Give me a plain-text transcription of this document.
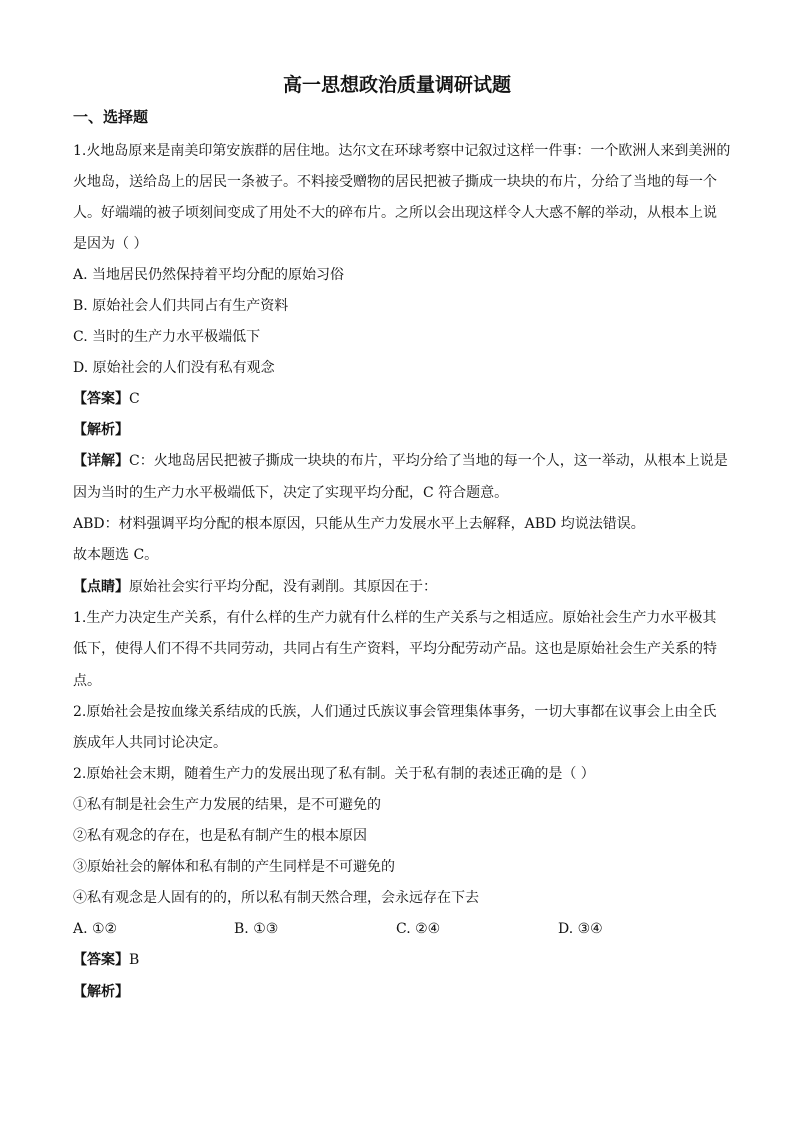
高一思想政治质量调研试题
一、选择题
1.火地岛原来是南美印第安族群的居住地。达尔文在环球考察中记叙过这样一件事：一个欧洲人来到美洲的
火地岛，送给岛上的居民一条被子。不料接受赠物的居民把被子撕成一块块的布片，分给了当地的每一个
人。好端端的被子顷刻间变成了用处不大的碎布片。之所以会出现这样令人大惑不解的举动，从根本上说
是因为（ ）
A. 当地居民仍然保持着平均分配的原始习俗
B. 原始社会人们共同占有生产资料
C. 当时的生产力水平极端低下
D. 原始社会的人们没有私有观念
【答案】C
【解析】
【详解】C：火地岛居民把被子撕成一块块的布片，平均分给了当地的每一个人，这一举动，从根本上说是
因为当时的生产力水平极端低下，决定了实现平均分配，C 符合题意。
ABD：材料强调平均分配的根本原因，只能从生产力发展水平上去解释，ABD 均说法错误。
故本题选 C。
【点睛】原始社会实行平均分配，没有剥削。其原因在于：
1.生产力决定生产关系，有什么样的生产力就有什么样的生产关系与之相适应。原始社会生产力水平极其
低下，使得人们不得不共同劳动，共同占有生产资料，平均分配劳动产品。这也是原始社会生产关系的特
点。
2.原始社会是按血缘关系结成的氏族，人们通过氏族议事会管理集体事务，一切大事都在议事会上由全氏
族成年人共同讨论决定。
2.原始社会末期，随着生产力的发展出现了私有制。关于私有制的表述正确的是（ ）
①私有制是社会生产力发展的结果，是不可避免的
②私有观念的存在，也是私有制产生的根本原因
③原始社会的解体和私有制的产生同样是不可避免的
④私有观念是人固有的的，所以私有制天然合理，会永远存在下去
A. ①②	B. ①③	C. ②④	D. ③④
【答案】B
【解析】
